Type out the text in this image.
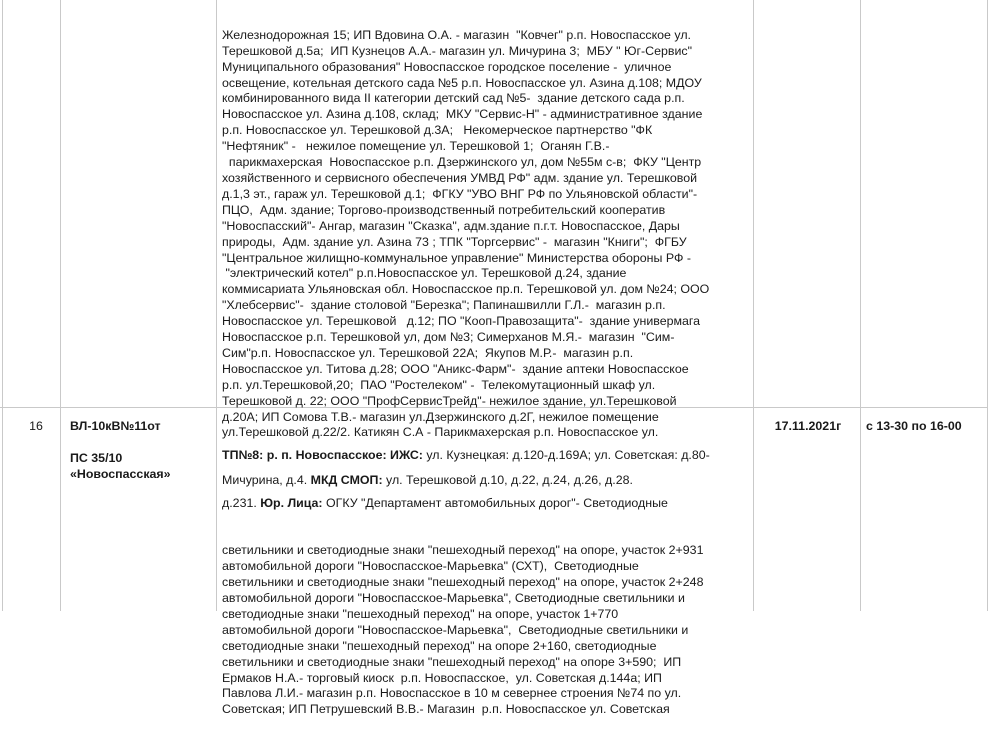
Железнодорожная 15; ИП Вдовина О.А. - магазин  "Ковчег" р.п. Новоспасское ул.
Терешковой д.5а;  ИП Кузнецов А.А.- магазин ул. Мичурина 3;  МБУ " Юг-Сервис"
Муниципального образования" Новоспасское городское поселение -  уличное
освещение, котельная детского сада №5 р.п. Новоспасское ул. Азина д.108; МДОУ
комбинированного вида II категории детский сад №5-  здание детского сада р.п.
Новоспасское ул. Азина д.108, склад;  МКУ "Сервис-Н" - административное здание
р.п. Новоспасское ул. Терешковой д.3А;   Некомерческое партнерство "ФК
"Нефтяник" -   нежилое помещение ул. Терешковой 1;  Оганян Г.В.-
парикмахерская  Новоспасское р.п. Дзержинского ул, дом №55м с-в;  ФКУ "Центр
хозяйственного и сервисного обеспечения УМВД РФ" адм. здание ул. Терешковой
д.1,3 эт., гараж ул. Терешковой д.1;  ФГКУ "УВО ВНГ РФ по Ульяновской области"-
ПЦО,  Адм. здание; Торгово-производственный потребительский кооператив
"Новоспасский"- Ангар, магазин "Сказка", адм.здание п.г.т. Новоспасское, Дары
природы,  Адм. здание ул. Азина 73 ; ТПК "Торгсервис" -  магазин "Книги";  ФГБУ
"Центральное жилищно-коммунальное управление" Министерства обороны РФ -
"электрический котел" р.п.Новоспасское ул. Терешковой д.24, здание
коммисариата Ульяновская обл. Новоспасское пр.п. Терешковой ул. дом №24; ООО
"Хлебсервис"-  здание столовой "Березка"; Папинашвилли Г.Л.-  магазин р.п.
Новоспасское ул. Терешковой   д.12; ПО "Кооп-Правозащита"-  здание универмага
Новоспасское р.п. Терешковой ул, дом №3; Симерханов М.Я.-  магазин  "Сим-
Сим"р.п. Новоспасское ул. Терешковой 22А;  Якупов М.Р.-  магазин р.п.
Новоспасское ул. Титова д.28; ООО "Аникс-Фарм"-  здание аптеки Новоспасское
р.п. ул.Терешковой,20;  ПАО "Ростелеком" -  Телекомутационный шкаф ул.
Терешковой д. 22; ООО "ПрофСервисТрейд"- нежилое здание, ул.Терешковой
д.20А; ИП Сомова Т.В.- магазин ул.Дзержинского д.2Г, нежилое помещение
ул.Терешковой д.22/2. Катикян С.А - Парикмахерская р.п. Новоспасское ул.

Мичурина, д.4. МКД СМОП: ул. Терешковой д.10, д.22, д.24, д.26, д.28.

16	ВЛ-10кВ№11от
ПС 35/10
«Новоспасская»

ТП№8: р. п. Новоспасское: ИЖС: ул. Кузнецкая: д.120-д.169А; ул. Советская: д.80-

д.231. Юр. Лица: ОГКУ "Департамент автомобильных дорог"- Светодиодные

светильники и светодиодные знаки "пешеходный переход" на опоре, участок 2+931
автомобильной дороги "Новоспасское-Марьевка" (СХТ),  Светодиодные
светильники и светодиодные знаки "пешеходный переход" на опоре, участок 2+248
автомобильной дороги "Новоспасское-Марьевка", Светодиодные светильники и
светодиодные знаки "пешеходный переход" на опоре, участок 1+770
автомобильной дороги "Новоспасское-Марьевка",  Светодиодные светильники и
светодиодные знаки "пешеходный переход" на опоре 2+160, светодиодные
светильники и светодиодные знаки "пешеходный переход" на опоре 3+590;  ИП
Ермаков Н.А.- торговый киоск  р.п. Новоспасское,  ул. Советская д.144а; ИП
Павлова Л.И.- магазин р.п. Новоспасское в 10 м севернее строения №74 по ул.
Советская; ИП Петрушевский В.В.- Магазин  р.п. Новоспасское ул. Советская

17.11.2021г	с 13-30 по 16-00
